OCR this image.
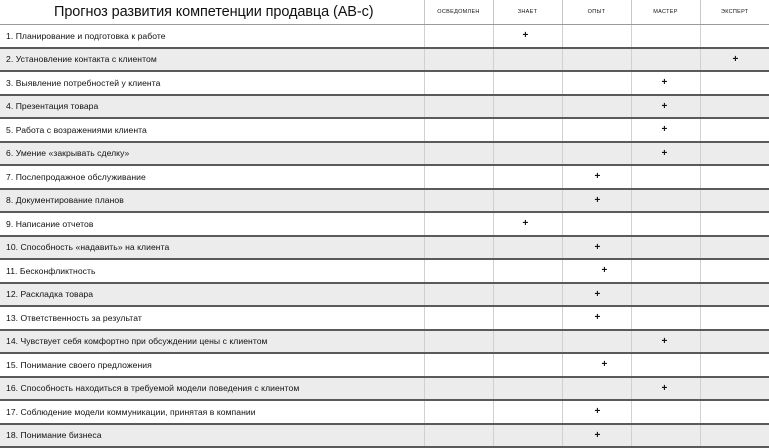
Прогноз развития компетенции продавца (АВ-с)	ОСВЕДОМЛЕН	ЗНАЕТ	ОПЫТ	МАСТЕР	ЭКСПЕРТ
1. Планирование и подготовка к работе		+			
2. Установление контакта с клиентом					+
3. Выявление потребностей у клиента				+	
4. Презентация товара				+	
5. Работа с возражениями клиента				+	
6. Умение «закрывать сделку»				+	
7. Послепродажное обслуживание			+		
8. Документирование планов			+		
9. Написание отчетов		+			
10. Способность «надавить» на клиента			+		
11. Бесконфликтность			+		
12. Раскладка товара			+		
13. Ответственность за результат			+		
14. Чувствует себя комфортно при обсуждении цены с клиентом				+	
15. Понимание своего предложения			+		
16. Способность находиться в требуемой модели поведения с клиентом				+	
17. Соблюдение модели коммуникации, принятая в компании			+		
18. Понимание бизнеса			+		
